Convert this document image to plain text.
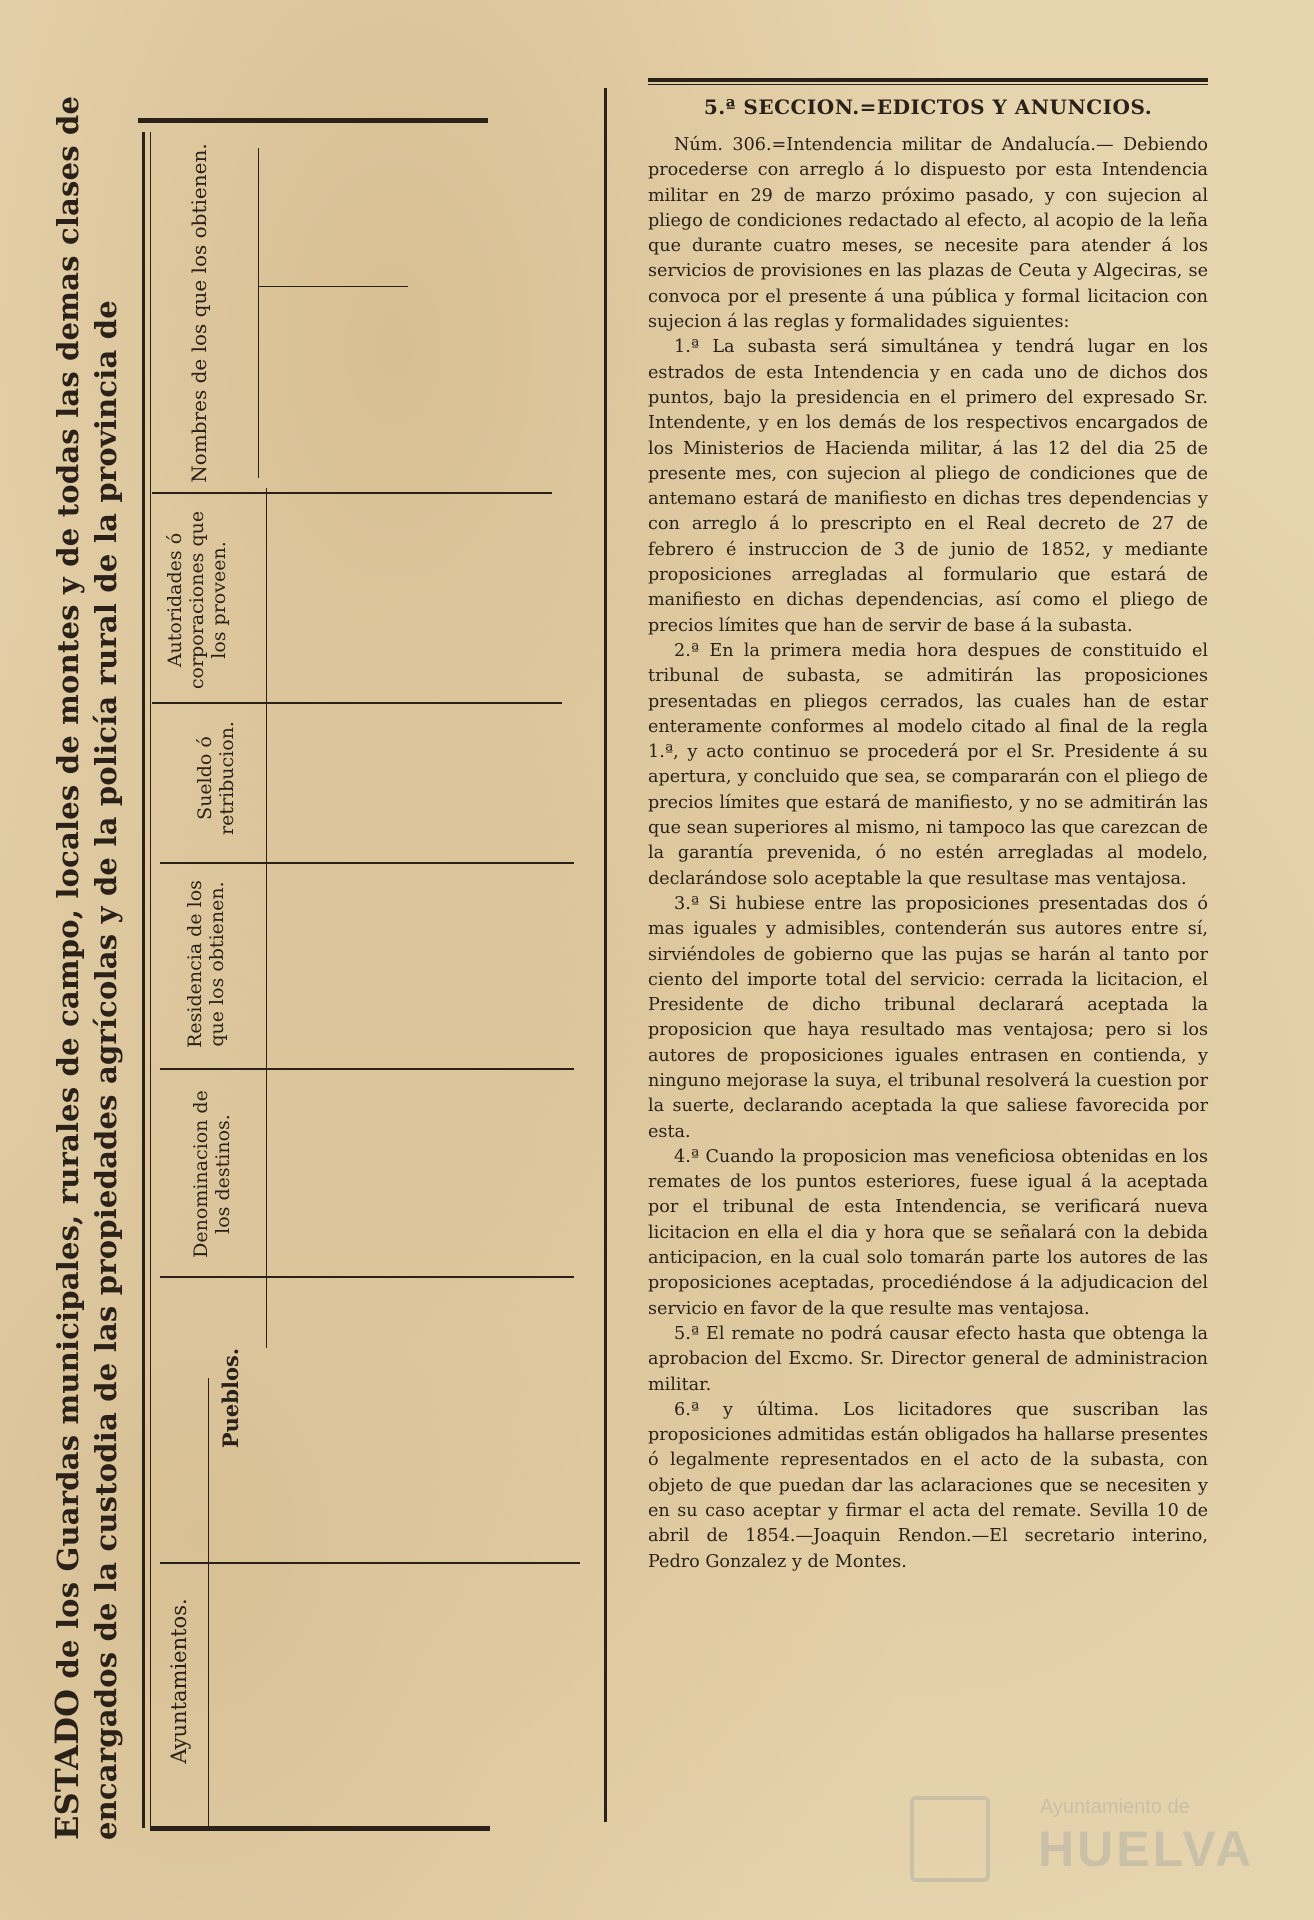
ESTADO de los Guardas municipales, rurales de campo, locales de montes y de todas las demas clases de encargados de la custodia de las propiedades agrícolas y de la policía rural de la provincia de Ayuntamientos.
Pueblos.
Denominacion de los destinos.
Residencia de los que los obtienen.
Sueldo ó retribucion.
Autoridades ó corporaciones que los proveen.
Nombres de los que los obtienen.
5.ª SECCION.=EDICTOS Y ANUNCIOS.

Núm. 306.=Intendencia militar de Andalucía.— Debiendo procederse con arreglo á lo dispuesto por esta Intendencia militar en 29 de marzo próximo pasado, y con sujecion al pliego de condiciones redactado al efecto, al acopio de la leña que durante cuatro meses, se necesite para atender á los servicios de provisiones en las plazas de Ceuta y Algeciras, se convoca por el presente á una pública y formal licitacion con sujecion á las reglas y formalidades siguientes:

1.ª La subasta será simultánea y tendrá lugar en los estrados de esta Intendencia y en cada uno de dichos dos puntos, bajo la presidencia en el primero del expresado Sr. Intendente, y en los demás de los respectivos encargados de los Ministerios de Hacienda militar, á las 12 del dia 25 de presente mes, con sujecion al pliego de condiciones que de antemano estará de manifiesto en dichas tres dependencias y con arreglo á lo prescripto en el Real decreto de 27 de febrero é instruccion de 3 de junio de 1852, y mediante proposiciones arregladas al formulario que estará de manifiesto en dichas dependencias, así como el pliego de precios límites que han de servir de base á la subasta.

2.ª En la primera media hora despues de constituido el tribunal de subasta, se admitirán las proposiciones presentadas en pliegos cerrados, las cuales han de estar enteramente conformes al modelo citado al final de la regla 1.ª, y acto continuo se procederá por el Sr. Presidente á su apertura, y concluido que sea, se compararán con el pliego de precios límites que estará de manifiesto, y no se admitirán las que sean superiores al mismo, ni tampoco las que carezcan de la garantía prevenida, ó no estén arregladas al modelo, declarándose solo aceptable la que resultase mas ventajosa.

3.ª Si hubiese entre las proposiciones presentadas dos ó mas iguales y admisibles, contenderán sus autores entre sí, sirviéndoles de gobierno que las pujas se harán al tanto por ciento del importe total del servicio: cerrada la licitacion, el Presidente de dicho tribunal declarará aceptada la proposicion que haya resultado mas ventajosa; pero si los autores de proposiciones iguales entrasen en contienda, y ninguno mejorase la suya, el tribunal resolverá la cuestion por la suerte, declarando aceptada la que saliese favorecida por esta.

4.ª Cuando la proposicion mas veneficiosa obtenidas en los remates de los puntos esteriores, fuese igual á la aceptada por el tribunal de esta Intendencia, se verificará nueva licitacion en ella el dia y hora que se señalará con la debida anticipacion, en la cual solo tomarán parte los autores de las proposiciones aceptadas, procediéndose á la adjudicacion del servicio en favor de la que resulte mas ventajosa.

5.ª El remate no podrá causar efecto hasta que obtenga la aprobacion del Excmo. Sr. Director general de administracion militar.

6.ª y última. Los licitadores que suscriban las proposiciones admitidas están obligados ha hallarse presentes ó legalmente representados en el acto de la subasta, con objeto de que puedan dar las aclaraciones que se necesiten y en su caso aceptar y firmar el acta del remate. Sevilla 10 de abril de 1854.—Joaquin Rendon.—El secretario interino, Pedro Gonzalez y de Montes.

Ayuntamiento de
HUELVA
